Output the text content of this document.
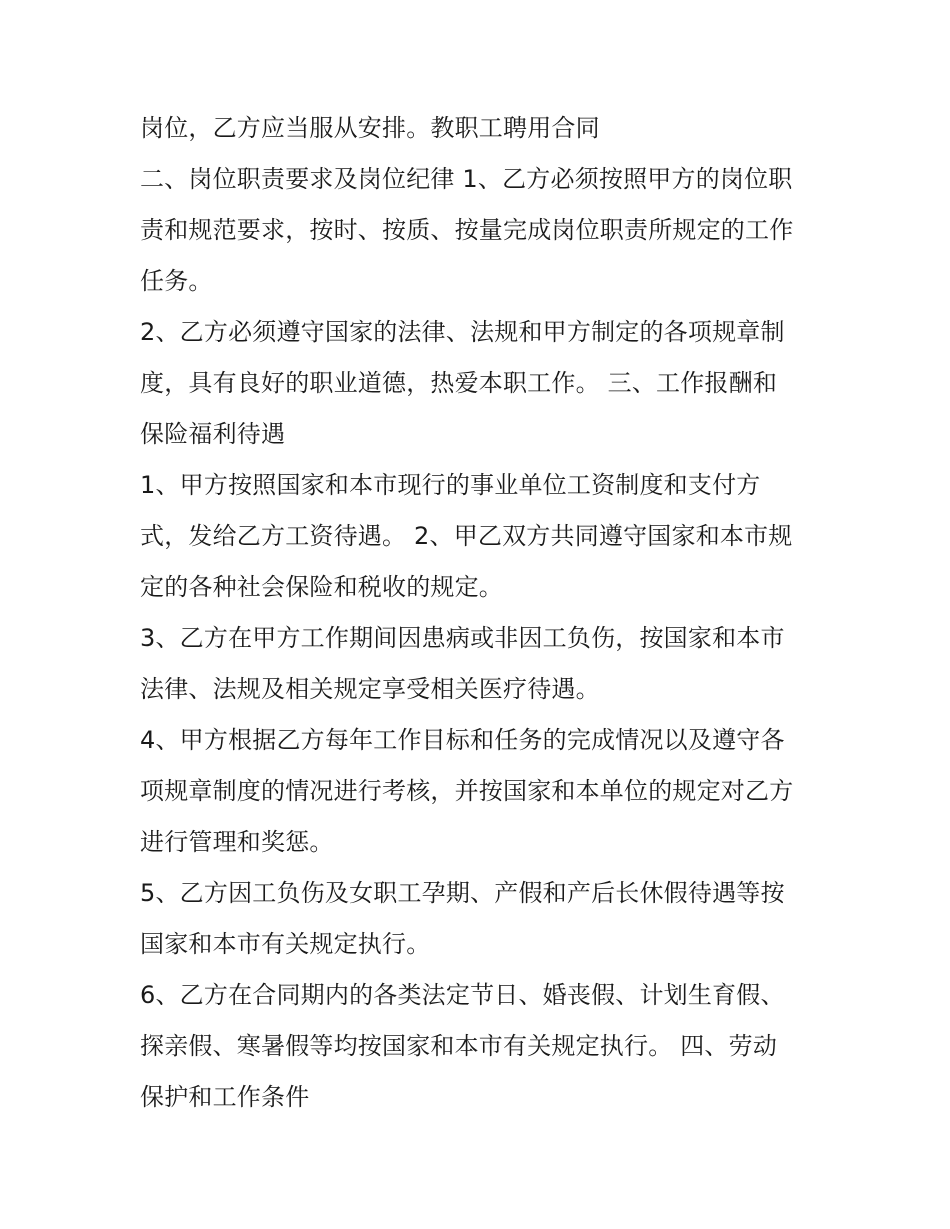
岗位，乙方应当服从安排。教职工聘用合同
二、岗位职责要求及岗位纪律 1、乙方必须按照甲方的岗位职
责和规范要求，按时、按质、按量完成岗位职责所规定的工作
任务。
2、乙方必须遵守国家的法律、法规和甲方制定的各项规章制
度，具有良好的职业道德，热爱本职工作。 三、工作报酬和
保险福利待遇
1、甲方按照国家和本市现行的事业单位工资制度和支付方
式，发给乙方工资待遇。 2、甲乙双方共同遵守国家和本市规
定的各种社会保险和税收的规定。
3、乙方在甲方工作期间因患病或非因工负伤，按国家和本市
法律、法规及相关规定享受相关医疗待遇。
4、甲方根据乙方每年工作目标和任务的完成情况以及遵守各
项规章制度的情况进行考核，并按国家和本单位的规定对乙方
进行管理和奖惩。
5、乙方因工负伤及女职工孕期、产假和产后长休假待遇等按
国家和本市有关规定执行。
6、乙方在合同期内的各类法定节日、婚丧假、计划生育假、
探亲假、寒暑假等均按国家和本市有关规定执行。 四、劳动
保护和工作条件
